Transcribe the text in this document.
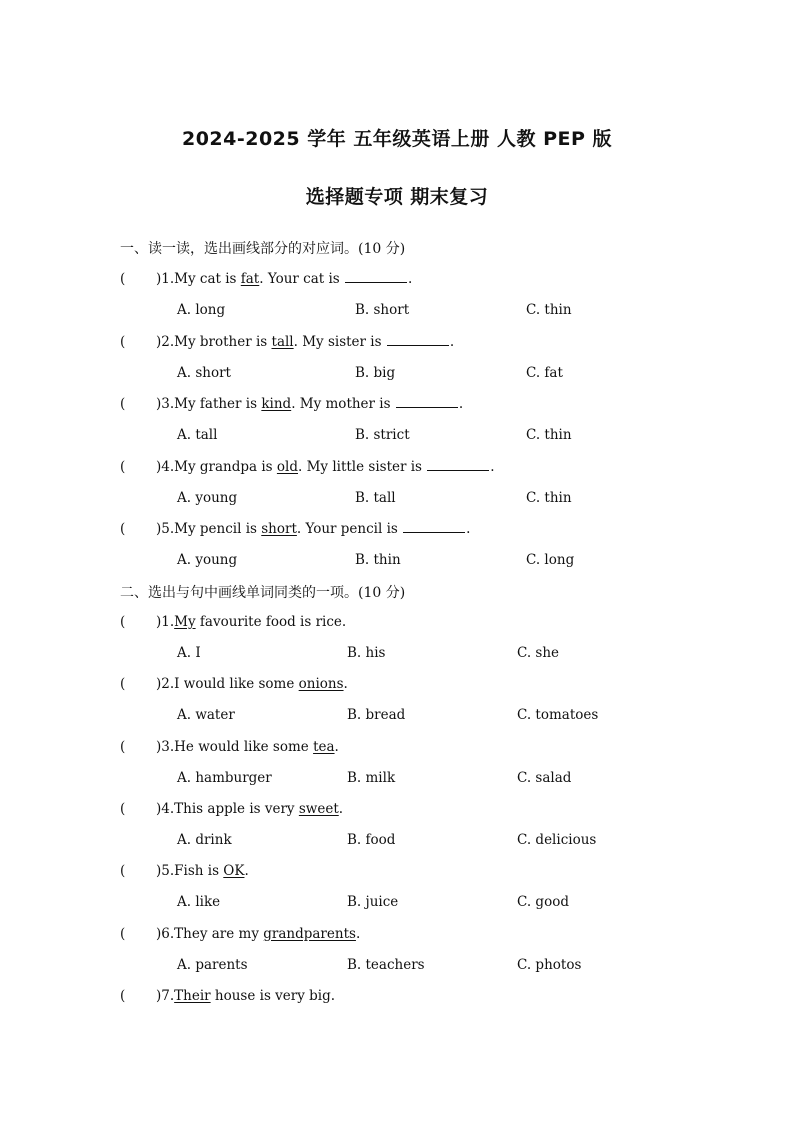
2024-2025 学年 五年级英语上册 人教 PEP 版
选择题专项 期末复习
一、读一读，选出画线部分的对应词。(10 分)
( )1.My cat is fat. Your cat is	.
A. long	B. short	C. thin
( )2.My brother is tall. My sister is	.
A. short	B. big	C. fat
( )3.My father is kind. My mother is	.
A. tall	B. strict	C. thin
( )4.My grandpa is old. My little sister is	.
A. young	B. tall	C. thin
( )5.My pencil is short. Your pencil is	.
A. young	B. thin	C. long
二、选出与句中画线单词同类的一项。(10 分)
( )1.My favourite food is rice.
A. I	B. his	C. she
( )2.I would like some onions.
A. water	B. bread	C. tomatoes
( )3.He would like some tea.
A. hamburger	B. milk	C. salad
( )4.This apple is very sweet.
A. drink	B. food	C. delicious
( )5.Fish is OK.
A. like	B. juice	C. good
( )6.They are my grandparents.
A. parents	B. teachers	C. photos
( )7.Their house is very big.
